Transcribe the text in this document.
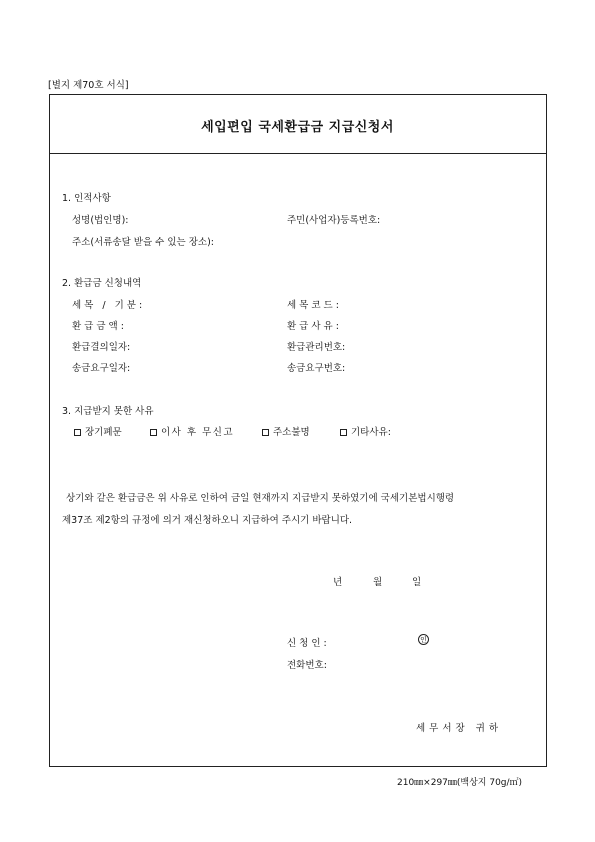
[별지 제70호 서식]
세입편입 국세환급금 지급신청서
1. 인적사항
성명(법인명):	주민(사업자)등록번호:
주소(서류송달 받을 수 있는 장소):
2. 환급금 신청내역
세목 / 기분:	세목코드:
환급금액:	환급사유:
환급결의일자:	환급관리번호:
송금요구일자:	송금요구번호:
3. 지급받지 못한 사유
장기폐문	이사 후 무신고	주소불명	기타사유:
상기와 같은 환급금은 위 사유로 인하여 금일 현재까지 지급받지 못하였기에 국세기본법시행령
제37조 제2항의 규정에 의거 재신청하오니 지급하여 주시기 바랍니다.
년	월	일
신청인:	인
전화번호:
세무서장 귀하
210㎜×297㎜(백상지 70g/㎡)
